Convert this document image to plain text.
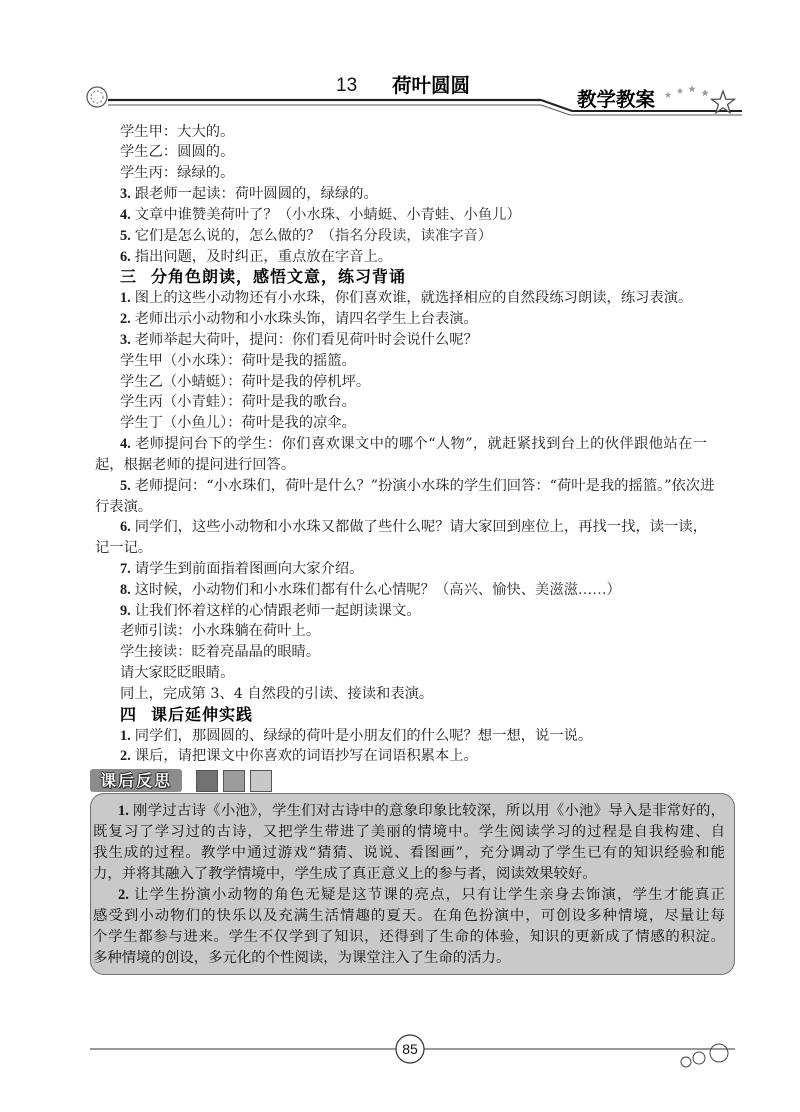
13 荷叶圆圆
教学教案
学生甲：大大的。
学生乙：圆圆的。
学生丙：绿绿的。
3. 跟老师一起读：荷叶圆圆的，绿绿的。
4. 文章中谁赞美荷叶了？（小水珠、小蜻蜓、小青蛙、小鱼儿）
5. 它们是怎么说的，怎么做的？（指名分段读，读准字音）
6. 指出问题，及时纠正，重点放在字音上。
三 分角色朗读，感悟文意，练习背诵
1. 图上的这些小动物还有小水珠，你们喜欢谁，就选择相应的自然段练习朗读，练习表演。
2. 老师出示小动物和小水珠头饰，请四名学生上台表演。
3. 老师举起大荷叶，提问：你们看见荷叶时会说什么呢？
学生甲（小水珠）：荷叶是我的摇篮。
学生乙（小蜻蜓）：荷叶是我的停机坪。
学生丙（小青蛙）：荷叶是我的歌台。
学生丁（小鱼儿）：荷叶是我的凉伞。
4. 老师提问台下的学生：你们喜欢课文中的哪个“人物”，就赶紧找到台上的伙伴跟他站在一
起，根据老师的提问进行回答。
5. 老师提问：“小水珠们，荷叶是什么？”扮演小水珠的学生们回答：“荷叶是我的摇篮。”依次进
行表演。
6. 同学们，这些小动物和小水珠又都做了些什么呢？请大家回到座位上，再找一找，读一读，
记一记。
7. 请学生到前面指着图画向大家介绍。
8. 这时候，小动物们和小水珠们都有什么心情呢？（高兴、愉快、美滋滋……）
9. 让我们怀着这样的心情跟老师一起朗读课文。
老师引读：小水珠躺在荷叶上。
学生接读：眨着亮晶晶的眼睛。
请大家眨眨眼睛。
同上，完成第 3、4 自然段的引读、接读和表演。
四 课后延伸实践
1. 同学们，那圆圆的、绿绿的荷叶是小朋友们的什么呢？想一想，说一说。
2. 课后，请把课文中你喜欢的词语抄写在词语积累本上。
课后反思
1. 刚学过古诗《小池》，学生们对古诗中的意象印象比较深，所以用《小池》导入是非常好的，
既复习了学习过的古诗，又把学生带进了美丽的情境中。学生阅读学习的过程是自我构建、自
我生成的过程。教学中通过游戏“猜猜、说说、看图画”，充分调动了学生已有的知识经验和能
力，并将其融入了教学情境中，学生成了真正意义上的参与者，阅读效果较好。
2. 让学生扮演小动物的角色无疑是这节课的亮点，只有让学生亲身去饰演，学生才能真正
感受到小动物们的快乐以及充满生活情趣的夏天。在角色扮演中，可创设多种情境，尽量让每
个学生都参与进来。学生不仅学到了知识，还得到了生命的体验，知识的更新成了情感的积淀。
多种情境的创设，多元化的个性阅读，为课堂注入了生命的活力。
85
